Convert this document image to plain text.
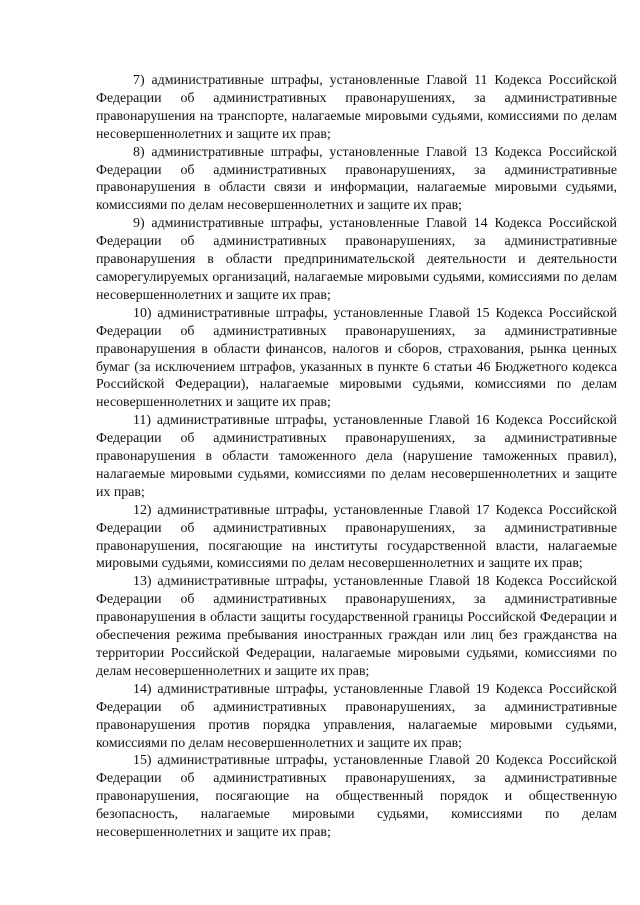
7) административные штрафы, установленные Главой 11 Кодекса Российской Федерации об административных правонарушениях, за административные правонарушения на транспорте, налагаемые мировыми судьями, комиссиями по делам несовершеннолетних и защите их прав;

8) административные штрафы, установленные Главой 13 Кодекса Российской Федерации об административных правонарушениях, за административные правонарушения в области связи и информации, налагаемые мировыми судьями, комиссиями по делам несовершеннолетних и защите их прав;

9) административные штрафы, установленные Главой 14 Кодекса Российской Федерации об административных правонарушениях, за административные правонарушения в области предпринимательской деятельности и деятельности саморегулируемых организаций, налагаемые мировыми судьями, комиссиями по делам несовершеннолетних и защите их прав;

10) административные штрафы, установленные Главой 15 Кодекса Российской Федерации об административных правонарушениях, за административные правонарушения в области финансов, налогов и сборов, страхования, рынка ценных бумаг (за исключением штрафов, указанных в пункте 6 статьи 46 Бюджетного кодекса Российской Федерации), налагаемые мировыми судьями, комиссиями по делам несовершеннолетних и защите их прав;

11) административные штрафы, установленные Главой 16 Кодекса Российской Федерации об административных правонарушениях, за административные правонарушения в области таможенного дела (нарушение таможенных правил), налагаемые мировыми судьями, комиссиями по делам несовершеннолетних и защите их прав;

12) административные штрафы, установленные Главой 17 Кодекса Российской Федерации об административных правонарушениях, за административные правонарушения, посягающие на институты государственной власти, налагаемые мировыми судьями, комиссиями по делам несовершеннолетних и защите их прав;

13) административные штрафы, установленные Главой 18 Кодекса Российской Федерации об административных правонарушениях, за административные правонарушения в области защиты государственной границы Российской Федерации и обеспечения режима пребывания иностранных граждан или лиц без гражданства на территории Российской Федерации, налагаемые мировыми судьями, комиссиями по делам несовершеннолетних и защите их прав;

14) административные штрафы, установленные Главой 19 Кодекса Российской Федерации об административных правонарушениях, за административные правонарушения против порядка управления, налагаемые мировыми судьями, комиссиями по делам несовершеннолетних и защите их прав;

15) административные штрафы, установленные Главой 20 Кодекса Российской Федерации об административных правонарушениях, за административные правонарушения, посягающие на общественный порядок и общественную безопасность, налагаемые мировыми судьями, комиссиями по делам несовершеннолетних и защите их прав;
